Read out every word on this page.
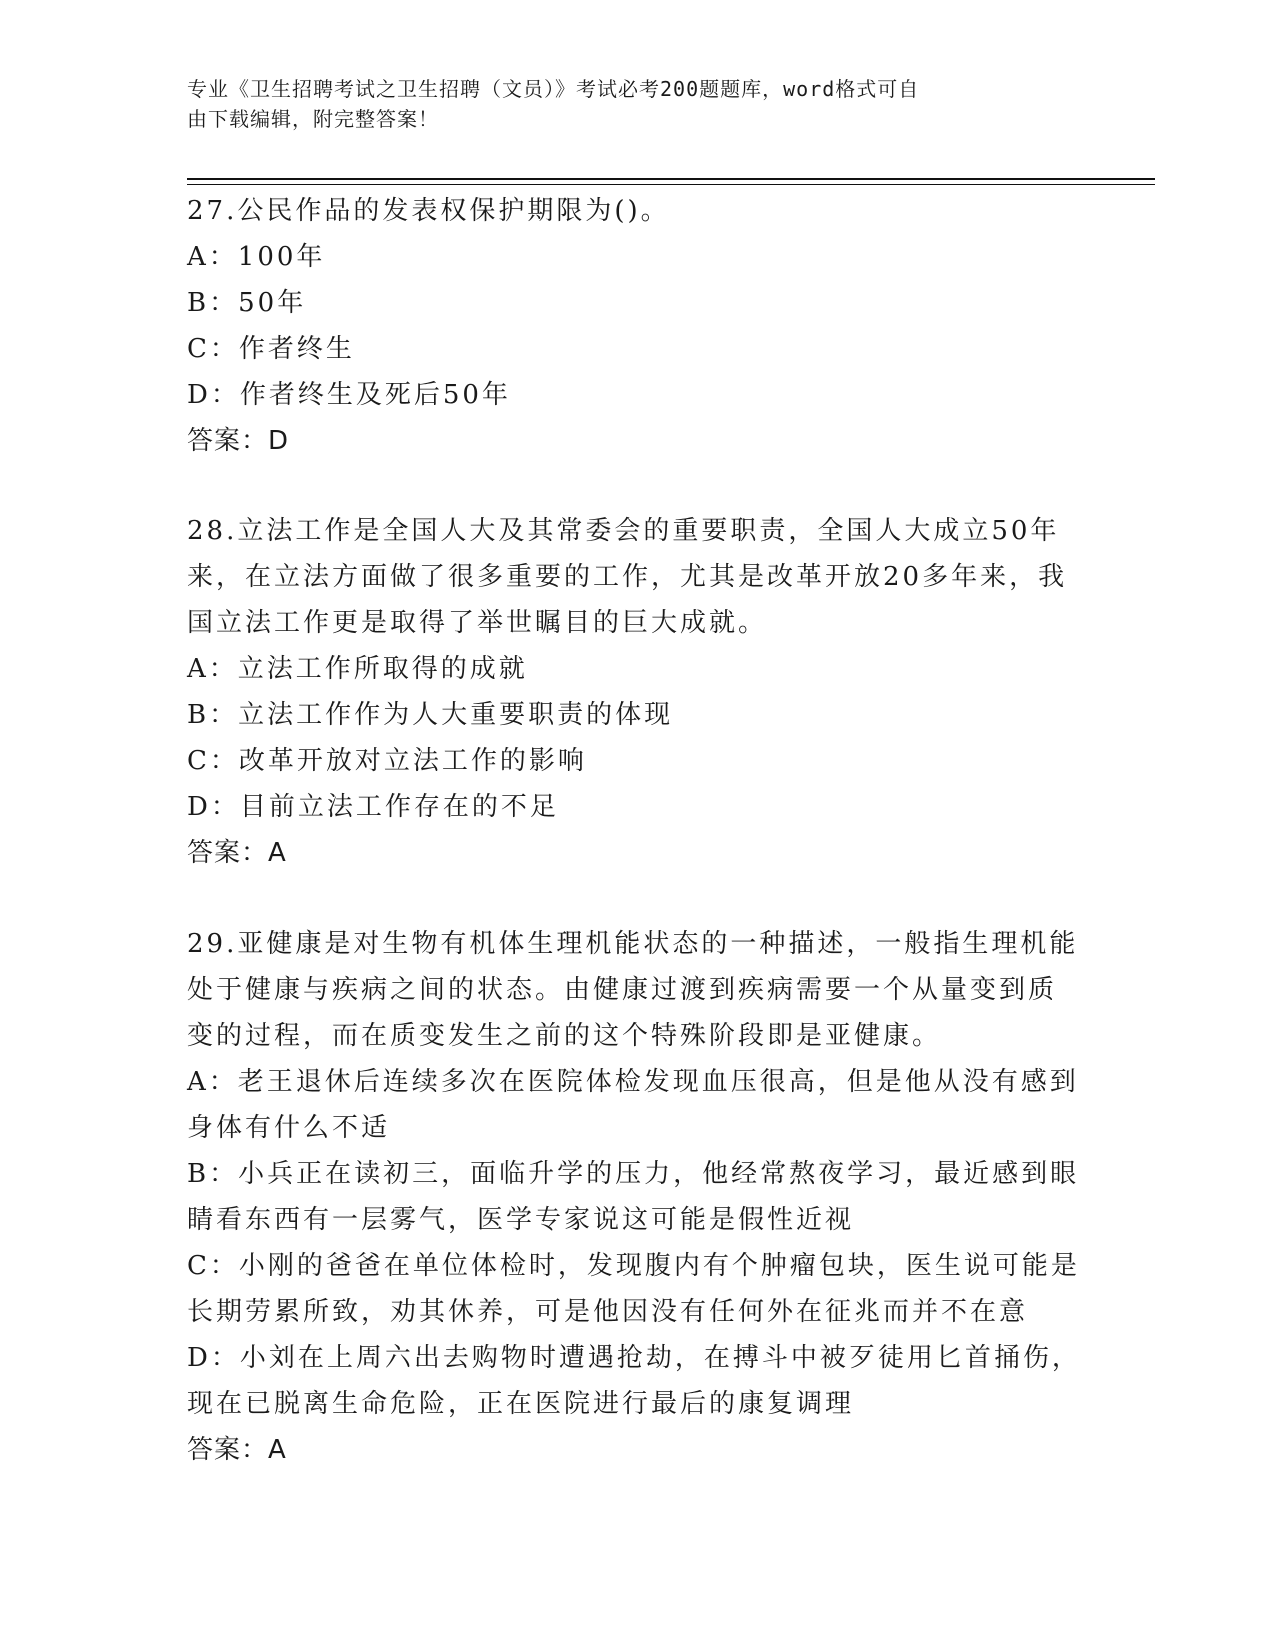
专业《卫生招聘考试之卫生招聘（文员）》考试必考200题题库，word格式可自
由下载编辑，附完整答案！
27.公民作品的发表权保护期限为()。
A：100年
B：50年
C：作者终生
D：作者终生及死后50年
答案：D
28.立法工作是全国人大及其常委会的重要职责，全国人大成立50年
来，在立法方面做了很多重要的工作，尤其是改革开放20多年来，我
国立法工作更是取得了举世瞩目的巨大成就。
A：立法工作所取得的成就
B：立法工作作为人大重要职责的体现
C：改革开放对立法工作的影响
D：目前立法工作存在的不足
答案：A
29.亚健康是对生物有机体生理机能状态的一种描述，一般指生理机能
处于健康与疾病之间的状态。由健康过渡到疾病需要一个从量变到质
变的过程，而在质变发生之前的这个特殊阶段即是亚健康。
A：老王退休后连续多次在医院体检发现血压很高，但是他从没有感到
身体有什么不适
B：小兵正在读初三，面临升学的压力，他经常熬夜学习，最近感到眼
睛看东西有一层雾气，医学专家说这可能是假性近视
C：小刚的爸爸在单位体检时，发现腹内有个肿瘤包块，医生说可能是
长期劳累所致，劝其休养，可是他因没有任何外在征兆而并不在意
D：小刘在上周六出去购物时遭遇抢劫，在搏斗中被歹徒用匕首捅伤，
现在已脱离生命危险，正在医院进行最后的康复调理
答案：A
